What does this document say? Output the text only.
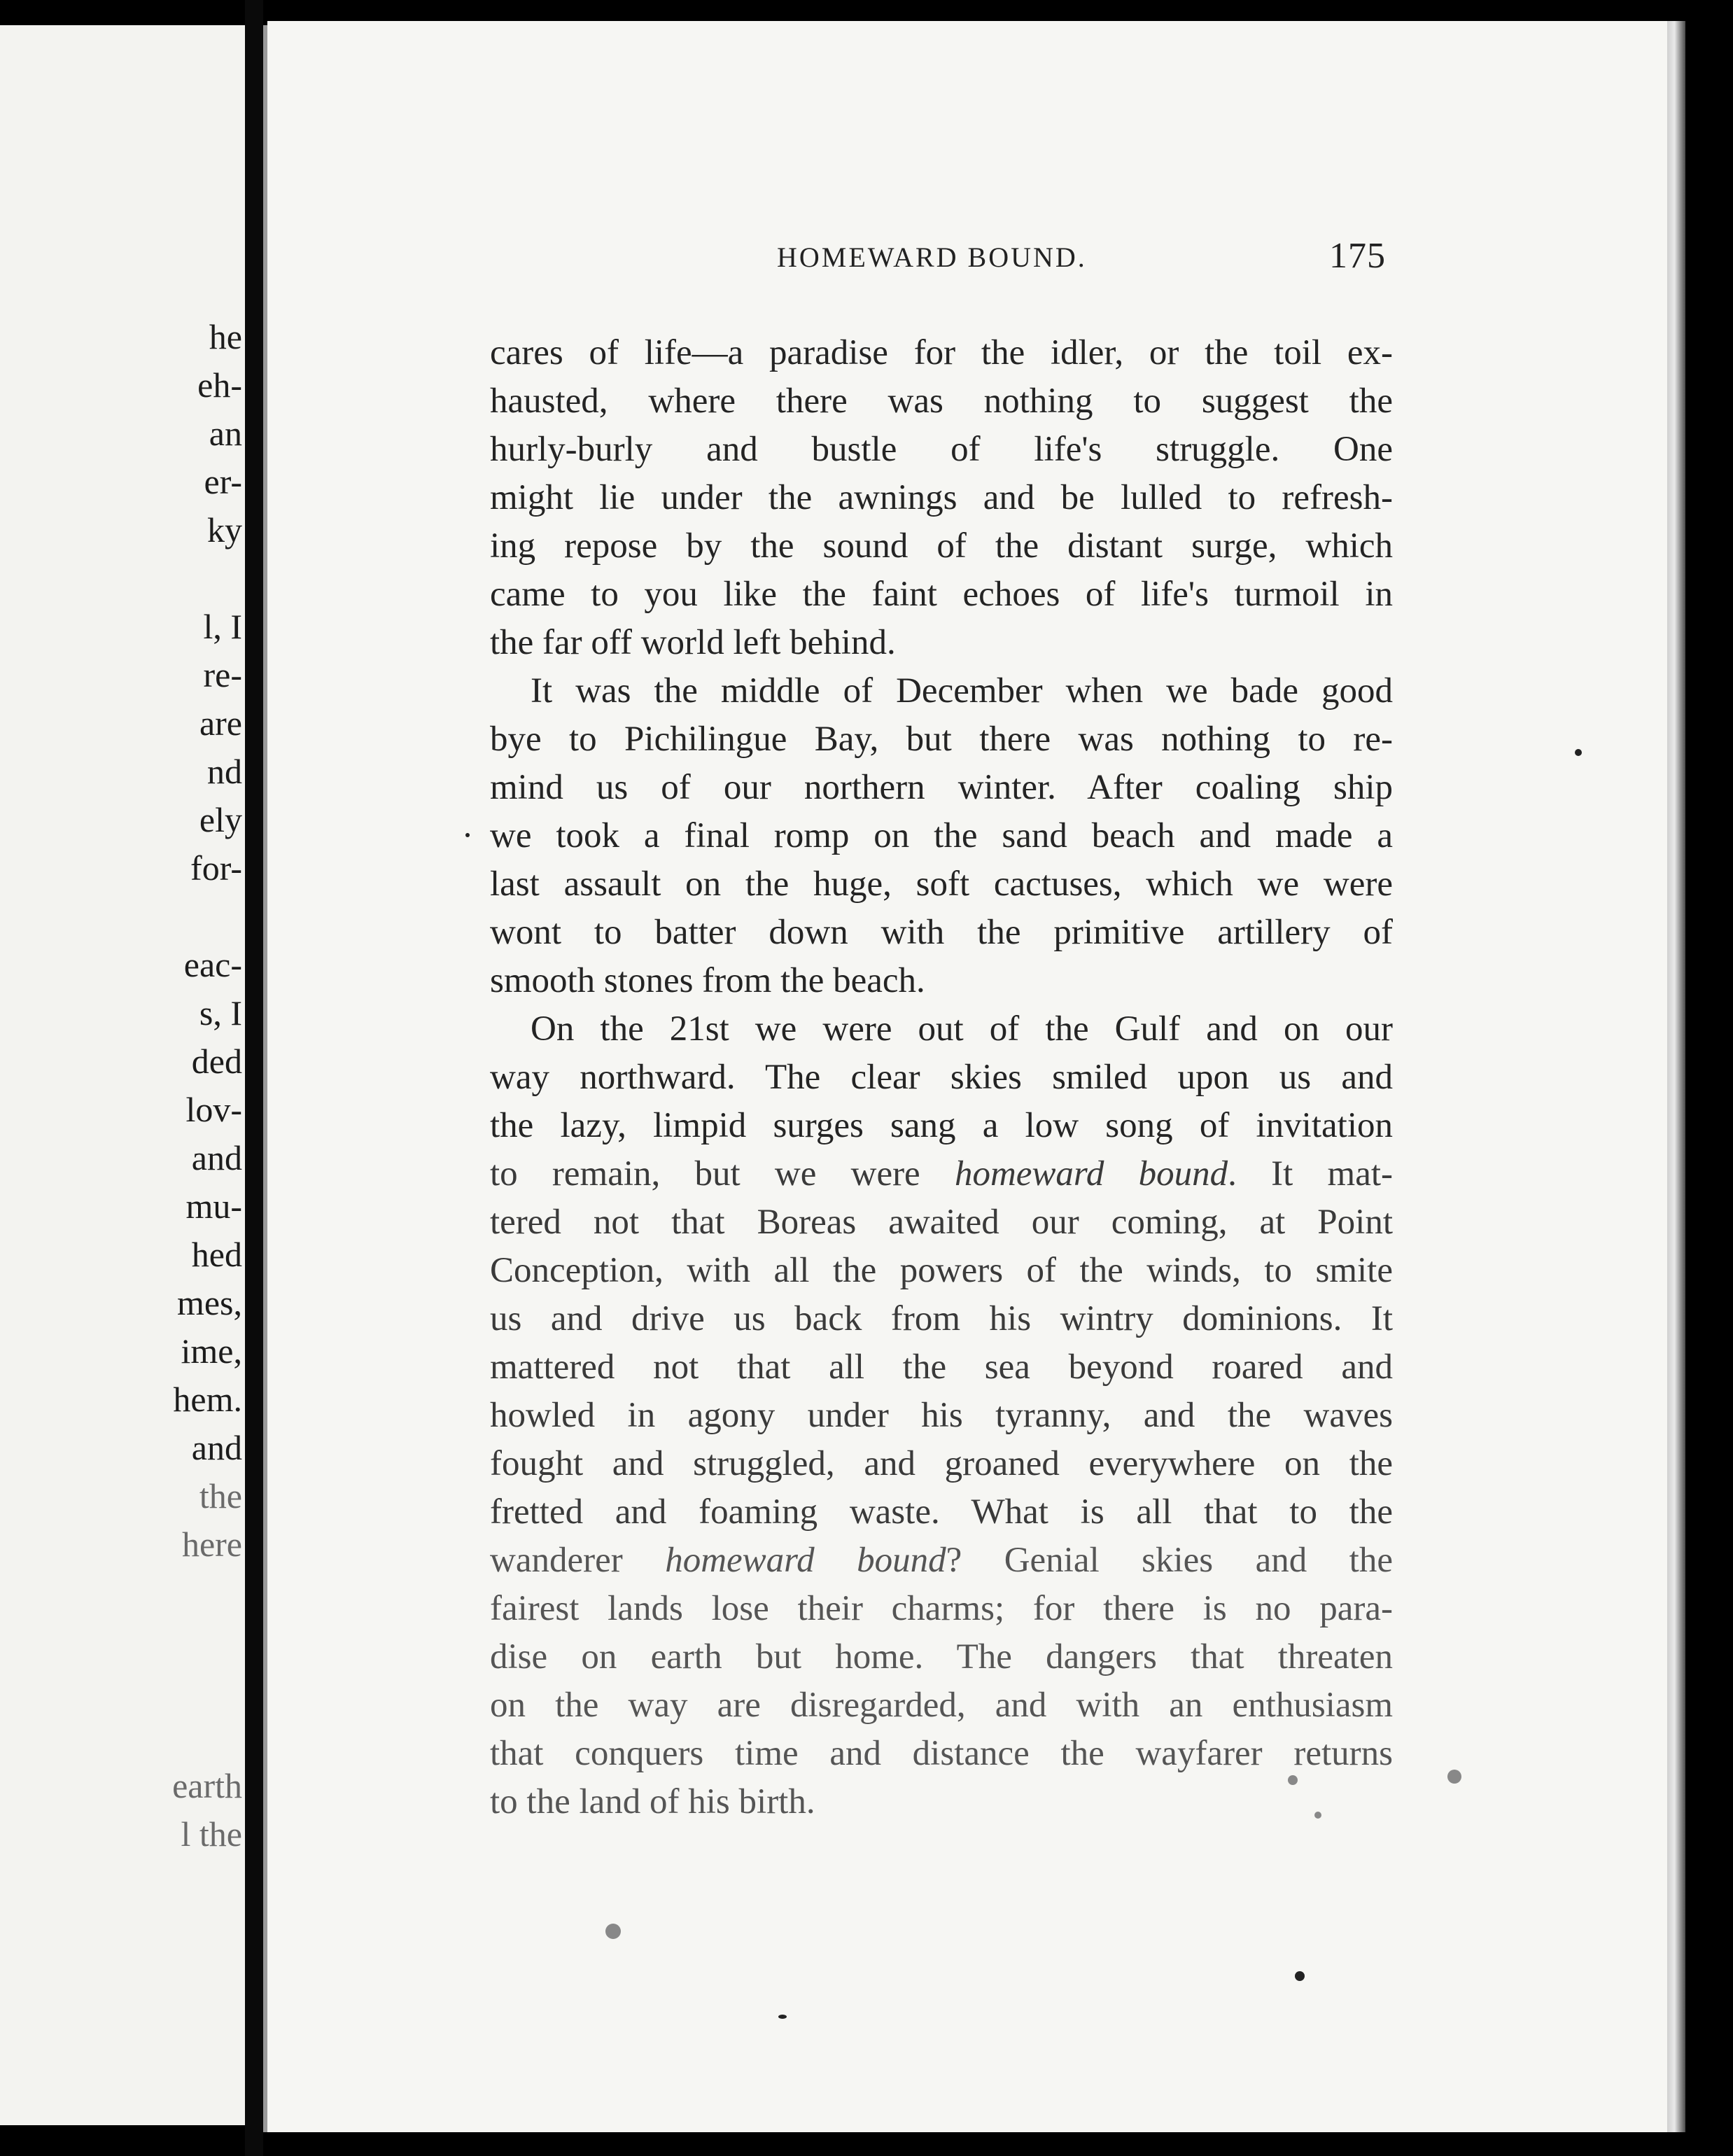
he
eh-
an
er-
ky
l, I
re-
are
nd
ely
for-
eac-
s, I
ded
lov-
and
mu-
hed
mes,
ime,
hem.
and
the
here
earth
l the
HOMEWARD BOUND.	175
cares of life—a paradise for the idler, or the toil ex-
hausted, where there was nothing to suggest the
hurly-burly and bustle of life's struggle. One
might lie under the awnings and be lulled to refresh-
ing repose by the sound of the distant surge, which
came to you like the faint echoes of life's turmoil in
the far off world left behind.
It was the middle of December when we bade good
bye to Pichilingue Bay, but there was nothing to re-
mind us of our northern winter. After coaling ship
we took a final romp on the sand beach and made a
last assault on the huge, soft cactuses, which we were
wont to batter down with the primitive artillery of
smooth stones from the beach.
On the 21st we were out of the Gulf and on our
way northward. The clear skies smiled upon us and
the lazy, limpid surges sang a low song of invitation
to remain, but we were homeward bound. It mat-
tered not that Boreas awaited our coming, at Point
Conception, with all the powers of the winds, to smite
us and drive us back from his wintry dominions. It
mattered not that all the sea beyond roared and
howled in agony under his tyranny, and the waves
fought and struggled, and groaned everywhere on the
fretted and foaming waste. What is all that to the
wanderer homeward bound? Genial skies and the
fairest lands lose their charms; for there is no para-
dise on earth but home. The dangers that threaten
on the way are disregarded, and with an enthusiasm
that conquers time and distance the wayfarer returns
to the land of his birth.
